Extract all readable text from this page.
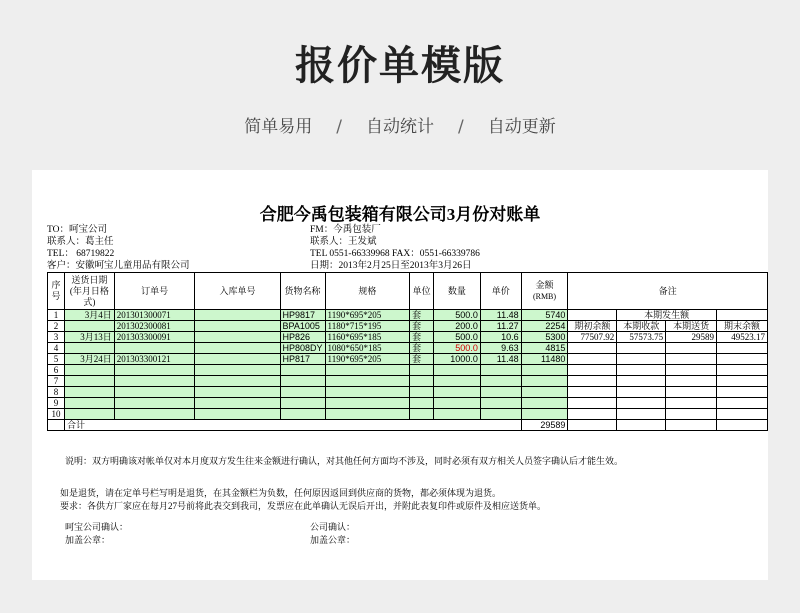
报价单模版
简单易用 / 自动统计 / 自动更新
合肥今禹包装箱有限公司3月份对账单
TO：呵宝公司
联系人：葛主任
TEL： 68719822
客户：安徽呵宝儿童用品有限公司
FM：今禹包装厂
联系人：王发斌
TEL 0551-66339968 FAX：0551-66339786
日期：2013年2月25日至2013年3月26日
序号	送货日期(年月日格式)	订单号	入库单号	货物名称	规格	单位	数量	单价	金额
(RMB)	备注			
1	3月4日	201301300071		HP9817	1190*695*205	套	500.0	11.48	5740		本期发生额		
2		201302300081		BPA1005	1180*715*195	套	200.0	11.27	2254	期初余额	本期收款	本期送货	期末余额
3	3月13日	201303300091		HP826	1160*695*185	套	500.0	10.6	5300	77507.92	57573.75	29589	49523.17
4				HP808DY	1080*650*185	套	500.0	9.63	4815				
5	3月24日	201303300121		HP817	1190*695*205	套	1000.0	11.48	11480				
6													
7													
8													
9													
10													
	合计								29589				
说明：双方明确该对帐单仅对本月度双方发生往来金额进行确认，对其他任何方面均不涉及，同时必须有双方相关人员签字确认后才能生效。
如是退货，请在定单号栏写明是退货，在其金额栏为负数，任何原因返回到供应商的货物，都必须体现为退货。
要求：各供方厂家应在每月27号前将此表交到我司，发票应在此单确认无误后开出，并附此表复印件或原件及相应送货单。
呵宝公司确认：
加盖公章：
公司确认：
加盖公章：
